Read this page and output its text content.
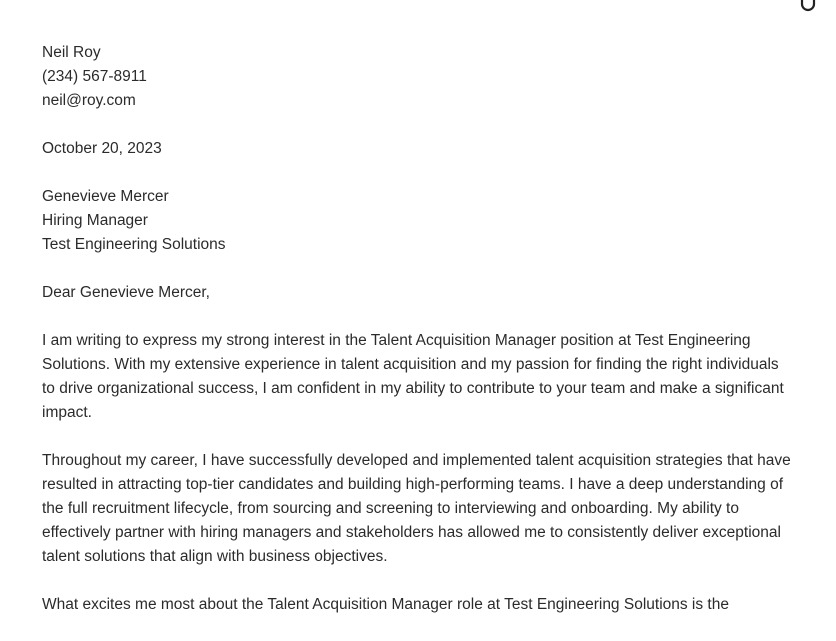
Neil Roy
(234) 567-8911
neil@roy.com
October 20, 2023
Genevieve Mercer
Hiring Manager
Test Engineering Solutions
Dear Genevieve Mercer,
I am writing to express my strong interest in the Talent Acquisition Manager position at Test Engineering Solutions. With my extensive experience in talent acquisition and my passion for finding the right individuals to drive organizational success, I am confident in my ability to contribute to your team and make a significant impact.
Throughout my career, I have successfully developed and implemented talent acquisition strategies that have resulted in attracting top-tier candidates and building high-performing teams. I have a deep understanding of the full recruitment lifecycle, from sourcing and screening to interviewing and onboarding. My ability to effectively partner with hiring managers and stakeholders has allowed me to consistently deliver exceptional talent solutions that align with business objectives.
What excites me most about the Talent Acquisition Manager role at Test Engineering Solutions is the
